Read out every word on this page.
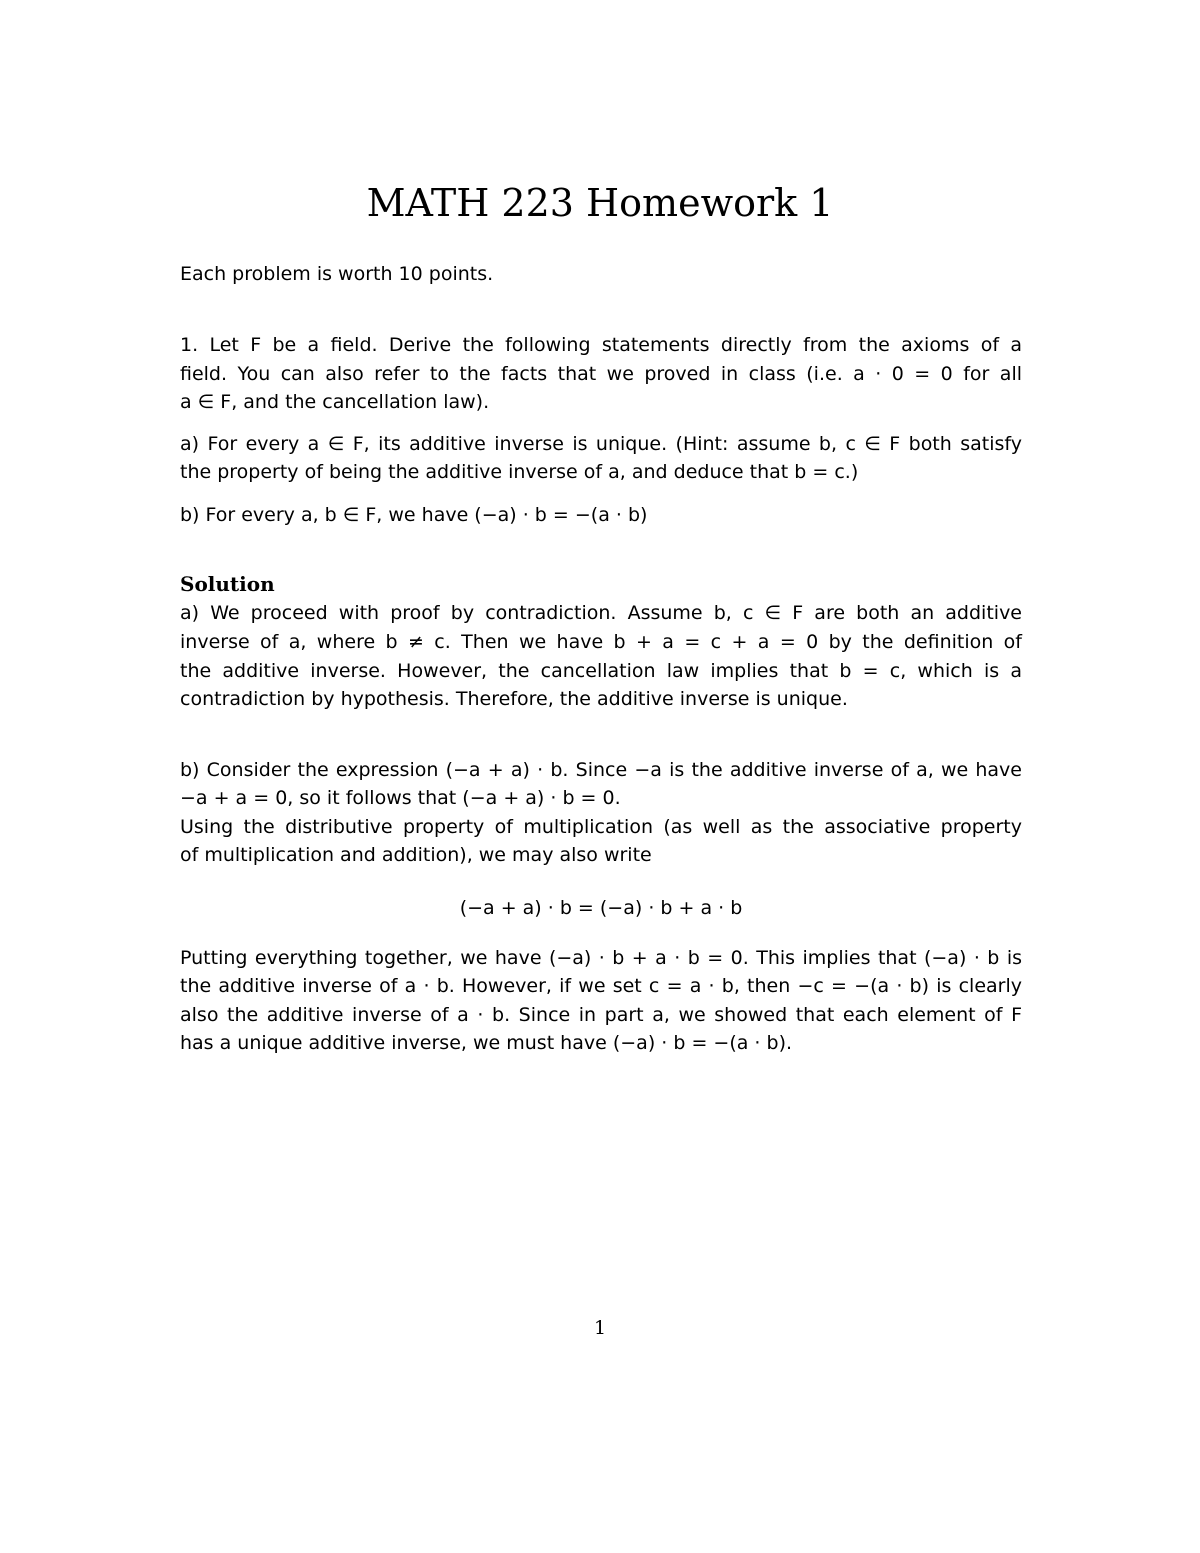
MATH 223 Homework 1
Each problem is worth 10 points.
1. Let F be a field. Derive the following statements directly from the axioms of a
field. You can also refer to the facts that we proved in class (i.e. a · 0 = 0 for all
a ∈ F, and the cancellation law).
a) For every a ∈ F, its additive inverse is unique. (Hint: assume b, c ∈ F both satisfy
the property of being the additive inverse of a, and deduce that b = c.)
b) For every a, b ∈ F, we have (−a) · b = −(a · b)
Solution
a) We proceed with proof by contradiction. Assume b, c ∈ F are both an additive
inverse of a, where b ≠ c. Then we have b + a = c + a = 0 by the definition of
the additive inverse. However, the cancellation law implies that b = c, which is a
contradiction by hypothesis. Therefore, the additive inverse is unique.
b) Consider the expression (−a + a) · b. Since −a is the additive inverse of a, we have
−a + a = 0, so it follows that (−a + a) · b = 0.
Using the distributive property of multiplication (as well as the associative property
of multiplication and addition), we may also write
(−a + a) · b = (−a) · b + a · b
Putting everything together, we have (−a) · b + a · b = 0. This implies that (−a) · b is
the additive inverse of a · b. However, if we set c = a · b, then −c = −(a · b) is clearly
also the additive inverse of a · b. Since in part a, we showed that each element of F
has a unique additive inverse, we must have (−a) · b = −(a · b).
1
